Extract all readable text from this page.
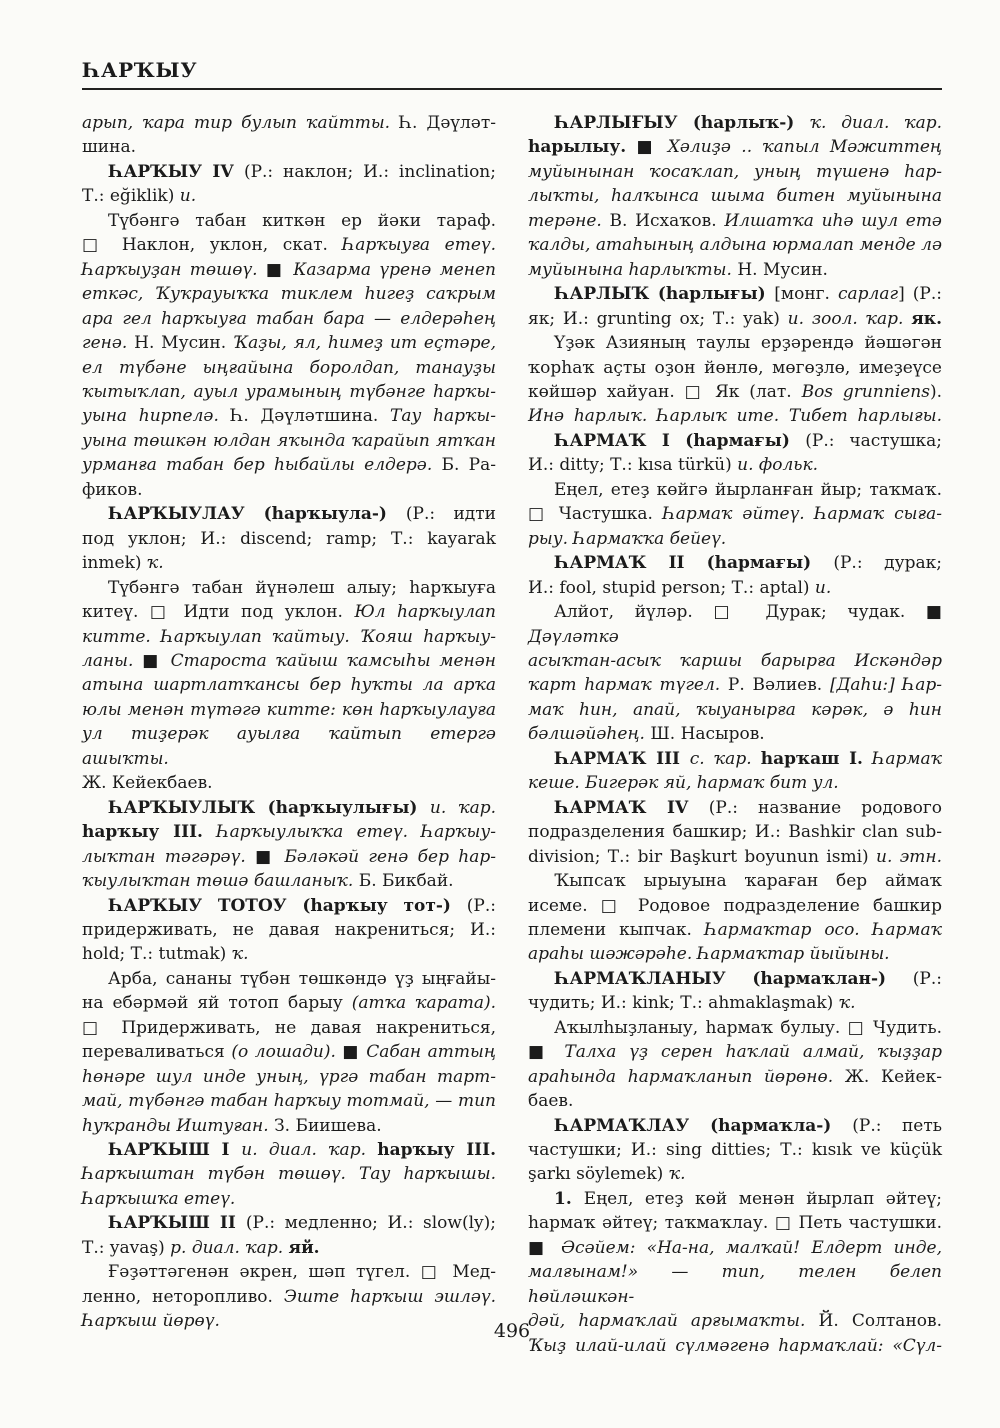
ҺАРҠЫУ
арып, ҡара тир булып ҡайтты. Һ. Дәүләт-
шина.
ҺАРҠЫУ IV (Р.: наклон; И.: inclination;
Т.: eğiklik) и.
Түбәнгә табан киткән ер йәки тараф.
□ Наклон, уклон, скат. Һарҡыуға етеү.
Һарҡыуҙан төшөү. ■ Казарма үренә менеп
еткәс, Ҡуҡрауыҡҡа тиклем һигеҙ саҡрым
ара гел һарҡыуға табан бара — елдерәһең
генә. Н. Мусин. Ҡаҙы, ял, һимеҙ ит еҫтәре,
ел түбәне ыңғайына боролдап, танауҙы
ҡытыҡлап, ауыл урамының түбәнге һарҡы-
уына һирпелә. Һ. Дәүләтшина. Тау һарҡы-
уына төшкән юлдан яҡында ҡарайып ятҡан
урманға табан бер һыбайлы елдерә. Б. Ра-
фиков.
ҺАРҠЫУЛАУ (һарҡыула-) (Р.: идти
под уклон; И.: discend; ramp; Т.: kayarak
inmek) ҡ.
Түбәнгә табан йүнәлеш алыу; һарҡыуға
китеү. □ Идти под уклон. Юл һарҡыулап
китте. Һарҡыулап ҡайтыу. Ҡояш һарҡыу-
ланы. ■ Староста ҡайыш ҡамсыһы менән
атына шартлатҡансы бер һуҡты ла арҡа
юлы менән түтәгә китте: көн һарҡыулауға
ул тиҙерәк ауылға ҡайтып етергә ашыҡты.
Ж. Кейекбаев.
ҺАРҠЫУЛЫҠ (һарҡыулығы) и. ҡар.
һарҡыу III. Һарҡыулыҡҡа етеү. Һарҡыу-
лыҡтан тәгәрәү. ■ Бәләкәй генә бер һар-
ҡыулыҡтан төшә башланыҡ. Б. Бикбай.
ҺАРҠЫУ ТОТОУ (һарҡыу тот-) (Р.:
придерживать, не давая накрениться; И.:
hold; Т.: tutmak) ҡ.
Арба, сананы түбән төшкәндә үҙ ыңғайы-
на ебәрмәй яй тотоп барыу (атҡа ҡарата).
□ Придерживать, не давая накрениться,
переваливаться (о лошади). ■ Сабан аттың
һөнәре шул инде уның, үргә табан тарт-
май, түбәнгә табан һарҡыу тотмай, — тип
һуҡранды Иштуған. З. Биишева.
ҺАРҠЫШ I и. диал. ҡар. һарҡыу III.
Һарҡыштан түбән төшөү. Тау һарҡышы.
Һарҡышҡа етеү.
ҺАРҠЫШ II (Р.: медленно; И.: slow(ly);
Т.: yavaş) р. диал. ҡар. яй.
Ғәҙәттәгенән әкрен, шәп түгел. □ Мед-
ленно, неторопливо. Эште һарҡыш эшләү.
Һарҡыш йөрөү.
ҺАРЛЫҒЫУ (һарлыҡ-) ҡ. диал. ҡар.
һарылыу. ■ Хәлиҙә .. ҡапыл Мәжиттең
муйынынан ҡосаҡлап, уның түшенә һар-
лыҡты, һалҡынса шыма битен муйынына
терәне. В. Исхаҡов. Илшатҡа иһә шул етә
ҡалды, атаһының алдына юрмалап менде лә
муйынына һарлыҡты. Н. Мусин.
ҺАРЛЫҠ (һарлығы) [монг. сарлаг] (Р.:
як; И.: grunting ox; Т.: yak) и. зоол. ҡар. як.
Үҙәк Азияның таулы ерҙәрендә йәшәгән
ҡорһаҡ аҫты оҙон йөнлө, мөгөҙлө, имеҙеүсе
көйшәр хайуан. □ Як (лат. Bos grunniens).
Инә һарлыҡ. Һарлыҡ ите. Тибет һарлығы.
ҺАРМАҠ I (һармағы) (Р.: частушка;
И.: ditty; Т.: kısa türkü) и. фольк.
Еңел, етеҙ көйгә йырланған йыр; таҡмаҡ.
□ Частушка. Һармаҡ әйтеү. Һармаҡ сыға-
рыу. Һармаҡҡа бейеү.
ҺАРМАҠ II (һармағы) (Р.: дурак;
И.: fool, stupid person; Т.: aptal) и.
Алйот, йүләр. □ Дурак; чудак. ■ Дәүләткә
асыҡтан-асыҡ ҡаршы барырға Искәндәр
ҡарт һармаҡ түгел. Р. Вәлиев. [Даһи:] Һар-
маҡ һин, апай, ҡыуанырға кәрәк, ә һин
бәлшәйәһең. Ш. Насыров.
ҺАРМАҠ III с. ҡар. һарҡаш I. Һармаҡ
кеше. Бигерәк яй, һармаҡ бит ул.
ҺАРМАҠ IV (Р.: название родового
подразделения башкир; И.: Bashkir clan sub-
division; Т.: bir Başkurt boyunun ismi) и. этн.
Ҡыпсаҡ ырыуына ҡараған бер аймаҡ
исеме. □ Родовое подразделение башкир
племени кыпчак. Һармаҡтар осо. Һармаҡ
араһы шәжәрәһе. Һармаҡтар йыйыны.
ҺАРМАҠЛАНЫУ (һармаҡлан-) (Р.:
чудить; И.: kink; Т.: ahmaklaşmak) ҡ.
Аҡылһыҙланыу, һармаҡ булыу. □ Чудить.
■ Талха үҙ серен һаҡлай алмай, ҡыҙҙар
араһында һармаҡланып йөрөнө. Ж. Кейек-
баев.
ҺАРМАҠЛАУ (һармаҡла-) (Р.: петь
частушки; И.: sing ditties; Т.: kısık ve küçük
şarkı söylemek) ҡ.
1. Еңел, етеҙ көй менән йырлап әйтеү;
һармаҡ әйтеү; таҡмаҡлау. □ Петь частушки.
■ Әсәйем: «На-на, малҡай! Елдерт инде,
малғынам!» — тип, телен белеп һөйләшкән-
дәй, һармаҡлай арғымаҡты. Й. Солтанов.
Ҡыҙ илай-илай сүлмәгенә һармаҡлай: «Сүл-
496
